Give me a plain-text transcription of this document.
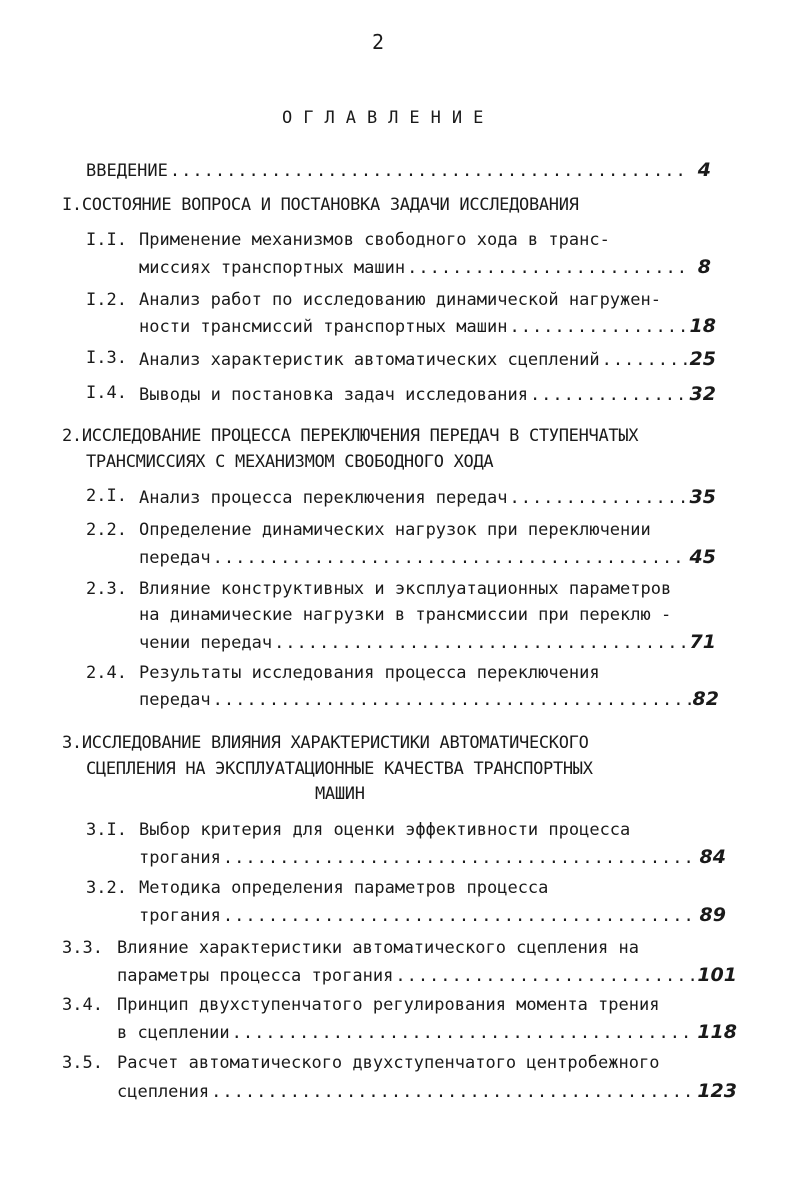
2
ОГЛАВЛЕНИЕ
ВВЕДЕНИЕ .....	4
I.СОСТОЯНИЕ ВОПРОСА И ПОСТАНОВКА ЗАДАЧИ ИССЛЕДОВАНИЯ
I.I. Применение механизмов свободного хода в транс-
миссиях транспортных машин .....	8
I.2. Анализ работ по исследованию динамической нагружен-
ности трансмиссий транспортных машин .....	18
I.3. Анализ характеристик автоматических сцеплений .....	25
I.4. Выводы и постановка задач исследования .....	32
2.ИССЛЕДОВАНИЕ ПРОЦЕССА ПЕРЕКЛЮЧЕНИЯ ПЕРЕДАЧ В СТУПЕНЧАТЫХ
ТРАНСМИССИЯХ С МЕХАНИЗМОМ СВОБОДНОГО ХОДА
2.I. Анализ процесса переключения передач .....	35
2.2. Определение динамических нагрузок при переключении
передач .....	45
2.3. Влияние конструктивных и эксплуатационных параметров
на динамические нагрузки в трансмиссии при переклю -
чении передач .....	71
2.4. Результаты исследования процесса переключения
передач .....	82
3.ИССЛЕДОВАНИЕ ВЛИЯНИЯ ХАРАКТЕРИСТИКИ АВТОМАТИЧЕСКОГО
СЦЕПЛЕНИЯ НА ЭКСПЛУАТАЦИОННЫЕ КАЧЕСТВА ТРАНСПОРТНЫХ
МАШИН
3.I. Выбор критерия для оценки эффективности процесса
трогания .....	84
3.2. Методика определения параметров процесса
трогания .....	89
3.3. Влияние характеристики автоматического сцепления на
параметры процесса трогания .....	101
3.4. Принцип двухступенчатого регулирования момента трения
в сцеплении .....	118
3.5. Расчет автоматического двухступенчатого центробежного
сцепления .....	123
